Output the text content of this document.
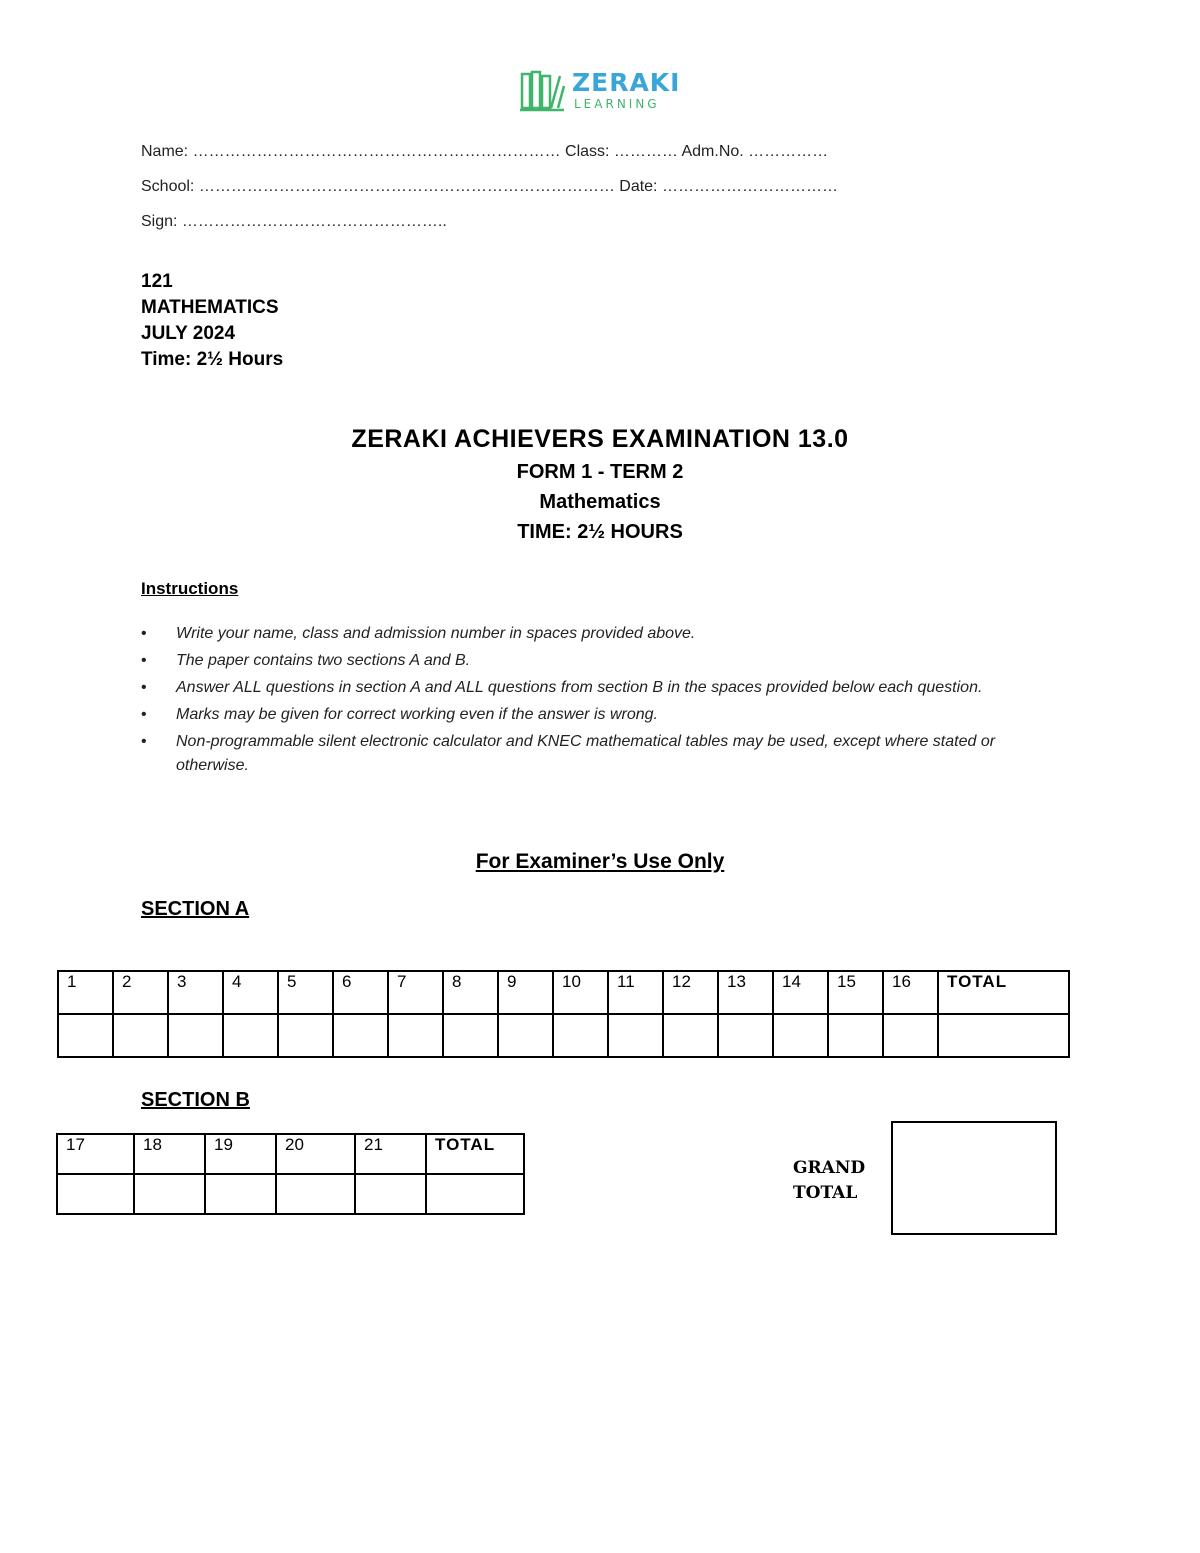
ZERAKI
LEARNING
Name: …………………………………………………………… Class: ………… Adm.No. ……………
School: …………………………………………………………………… Date: ……………………………
Sign: …………………………………………..
121
MATHEMATICS
JULY 2024
Time: 2½ Hours
ZERAKI ACHIEVERS EXAMINATION 13.0
FORM 1 - TERM 2
Mathematics
TIME: 2½ HOURS
Instructions
• Write your name, class and admission number in spaces provided above.
• The paper contains two sections A and B.
• Answer ALL questions in section A and ALL questions from section B in the spaces provided below each question.
• Marks may be given for correct working even if the answer is wrong.
• Non-programmable silent electronic calculator and KNEC mathematical tables may be used, except where stated or otherwise.
For Examiner’s Use Only
SECTION A
1	2	3	4	5	6	7	8	9	10	11	12	13	14	15	16	TOTAL

SECTION B
17	18	19	20	21	TOTAL

GRAND
TOTAL
